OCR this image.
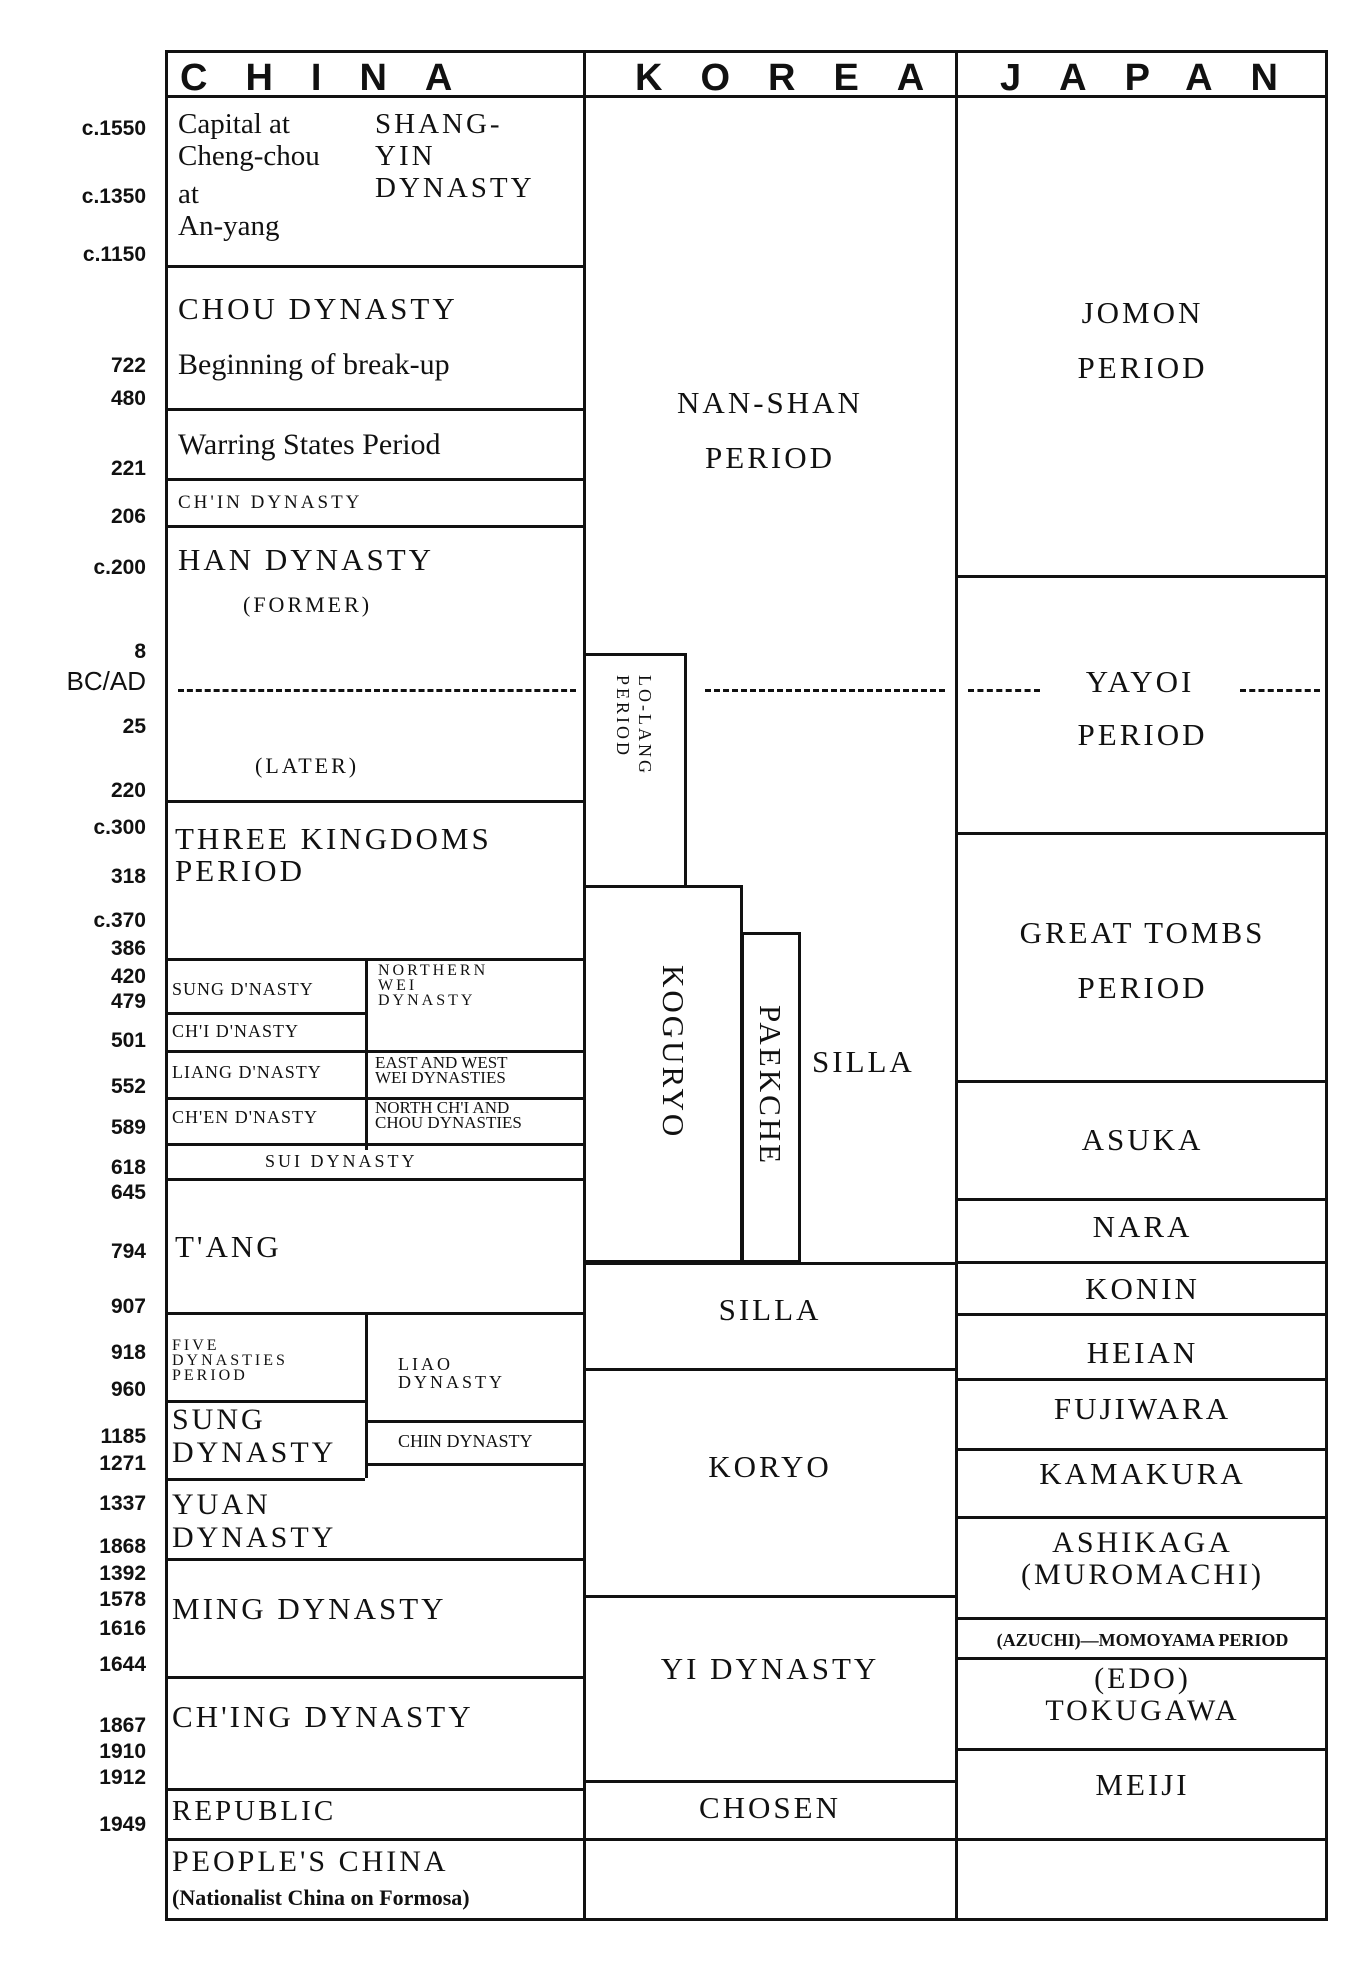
c.1550
c.1350
c.1150
722
480
221
206
c.200
8
BC/AD
25
220
c.300
318
c.370
386
420
479
501
552
589
618
645
794
907
918
960
1185
1271
1337
1868
1392
1578
1616
1644
1867
1910
1912
1949
CHINA	KOREA JAPAN
Capital at
Cheng-chou
at
An-yang
SHANG-
YIN
DYNASTY
CHOU DYNASTY
Beginning of break-up
Warring States Period
CH'IN DYNASTY
HAN DYNASTY
(FORMER)
(LATER)
THREE KINGDOMS
PERIOD
SUNG D'NASTY
CH'I D'NASTY
LIANG D'NASTY
CH'EN D'NASTY
NORTHERN
WEI
DYNASTY
EAST AND WEST
WEI DYNASTIES
NORTH CH'I AND
CHOU DYNASTIES
SUI DYNASTY
T'ANG
FIVE
DYNASTIES
PERIOD
LIAO
DYNASTY
SUNG
DYNASTY	CHIN DYNASTY
YUAN
DYNASTY
MING DYNASTY
CH'ING DYNASTY
REPUBLIC
PEOPLE'S CHINA
(Nationalist China on Formosa)
NAN-SHAN
PERIOD
LO-LANG
PERIOD
KOGURYO PAEKCHE SILLA
SILLA
KORYO
YI DYNASTY
CHOSEN
JOMON
PERIOD
YAYOI
PERIOD
GREAT TOMBS
PERIOD
ASUKA
NARA
KONIN
HEIAN
FUJIWARA
KAMAKURA
ASHIKAGA
(MUROMACHI)
(AZUCHI)—MOMOYAMA PERIOD
(EDO)
TOKUGAWA
MEIJI
